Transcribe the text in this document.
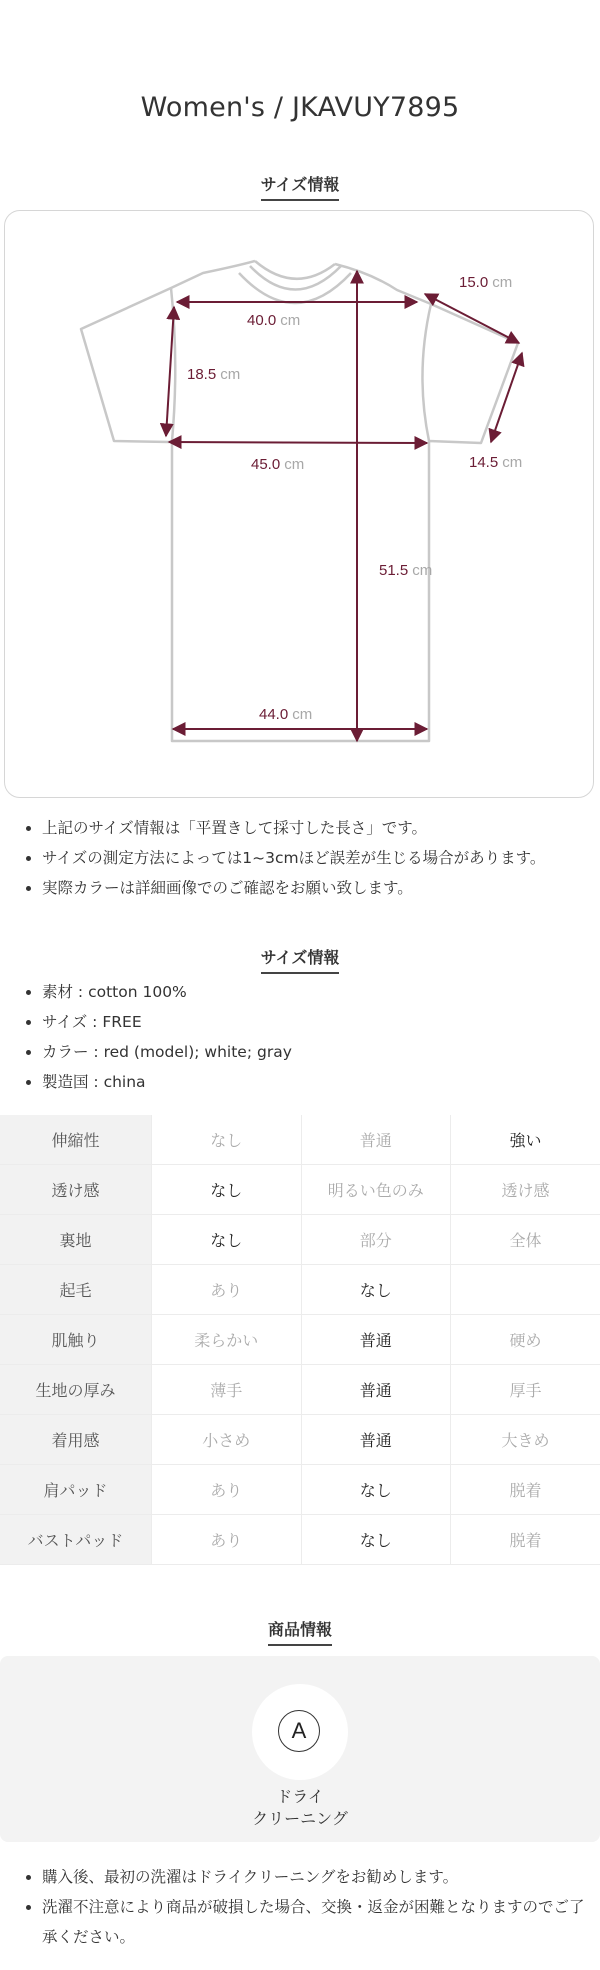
Women's / JKAVUY7895
サイズ情報
40.0 cm
15.0 cm
18.5 cm
45.0 cm	14.5 cm
51.5 cm
44.0 cm
• 上記のサイズ情報は「平置きして採寸した長さ」です。
• サイズの測定方法によっては1~3cmほど誤差が生じる場合があります。
• 実際カラーは詳細画像でのご確認をお願い致します。
サイズ情報
• 素材 : cotton 100%
• サイズ : FREE
• カラー : red (model); white; gray
• 製造国 : china
伸縮性	なし	普通	強い
透け感	なし	明るい色のみ	透け感
裏地	なし	部分	全体
起毛	あり	なし	
肌触り	柔らかい	普通	硬め
生地の厚み	薄手	普通	厚手
着用感	小さめ	普通	大きめ
肩パッド	あり	なし	脱着
バストパッド	あり	なし	脱着
商品情報
A
ドライ
クリーニング
• 購入後、最初の洗濯はドライクリーニングをお勧めします。
• 洗濯不注意により商品が破損した場合、交換・返金が困難となりますのでご了承ください。
